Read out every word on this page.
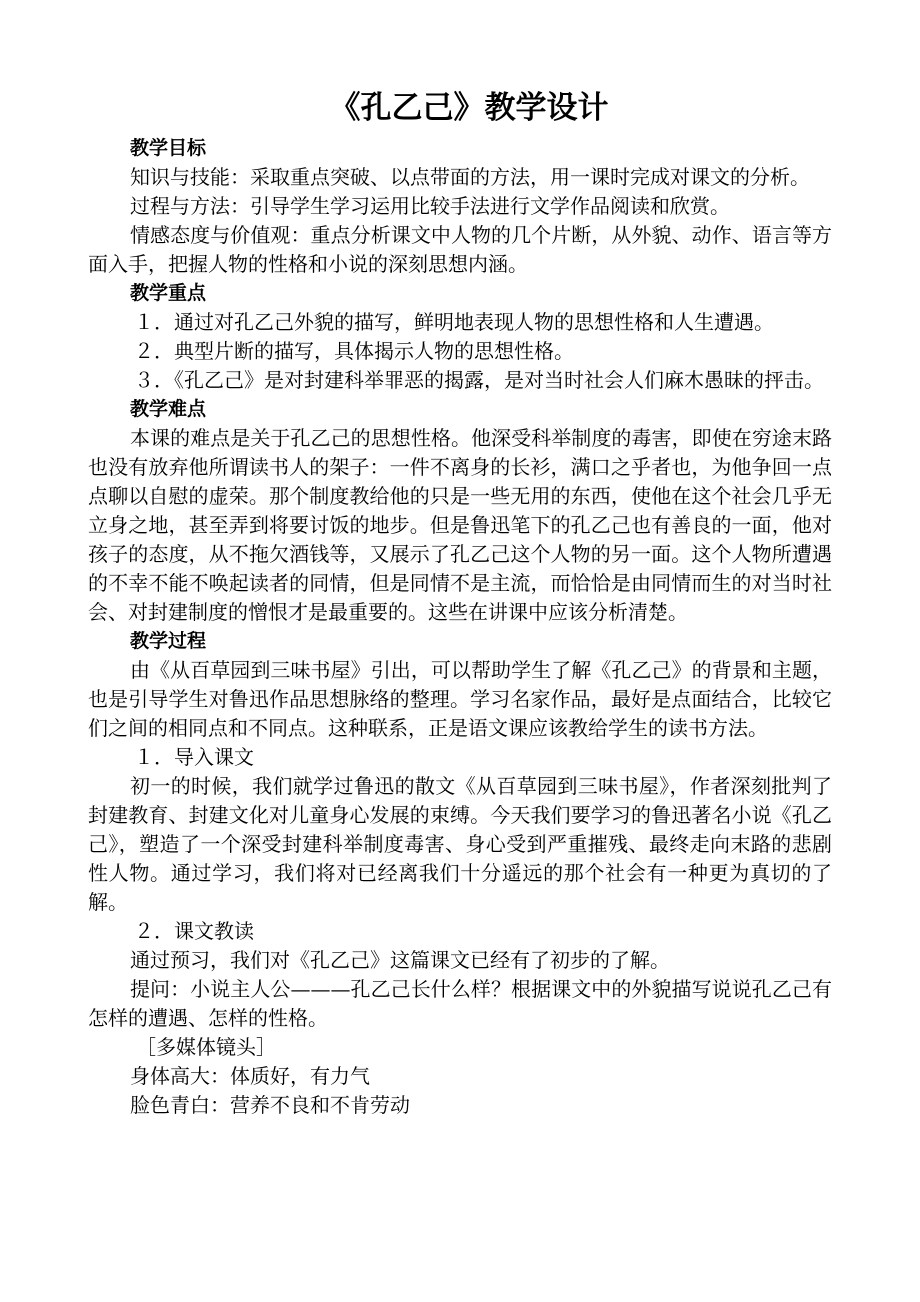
《孔乙己》教学设计
教学目标

知识与技能：采取重点突破、以点带面的方法，用一课时完成对课文的分析。

过程与方法：引导学生学习运用比较手法进行文学作品阅读和欣赏。

情感态度与价值观：重点分析课文中人物的几个片断，从外貌、动作、语言等方面入手，把握人物的性格和小说的深刻思想内涵。

教学重点

１．通过对孔乙己外貌的描写，鲜明地表现人物的思想性格和人生遭遇。

２．典型片断的描写，具体揭示人物的思想性格。

３．《孔乙己》是对封建科举罪恶的揭露，是对当时社会人们麻木愚昧的抨击。

教学难点

本课的难点是关于孔乙己的思想性格。他深受科举制度的毒害，即使在穷途末路也没有放弃他所谓读书人的架子：一件不离身的长衫，满口之乎者也，为他争回一点点聊以自慰的虚荣。那个制度教给他的只是一些无用的东西，使他在这个社会几乎无立身之地，甚至弄到将要讨饭的地步。但是鲁迅笔下的孔乙己也有善良的一面，他对孩子的态度，从不拖欠酒钱等，又展示了孔乙己这个人物的另一面。这个人物所遭遇的不幸不能不唤起读者的同情，但是同情不是主流，而恰恰是由同情而生的对当时社会、对封建制度的憎恨才是最重要的。这些在讲课中应该分析清楚。

教学过程

由《从百草园到三味书屋》引出，可以帮助学生了解《孔乙己》的背景和主题，也是引导学生对鲁迅作品思想脉络的整理。学习名家作品，最好是点面结合，比较它们之间的相同点和不同点。这种联系，正是语文课应该教给学生的读书方法。

１．导入课文

初一的时候，我们就学过鲁迅的散文《从百草园到三味书屋》，作者深刻批判了封建教育、封建文化对儿童身心发展的束缚。今天我们要学习的鲁迅著名小说《孔乙己》，塑造了一个深受封建科举制度毒害、身心受到严重摧残、最终走向末路的悲剧性人物。通过学习，我们将对已经离我们十分遥远的那个社会有一种更为真切的了解。

２．课文教读

通过预习，我们对《孔乙己》这篇课文已经有了初步的了解。

提问：小说主人公———孔乙己长什么样？根据课文中的外貌描写说说孔乙己有怎样的遭遇、怎样的性格。

［多媒体镜头］

身体高大：体质好，有力气

脸色青白：营养不良和不肯劳动
